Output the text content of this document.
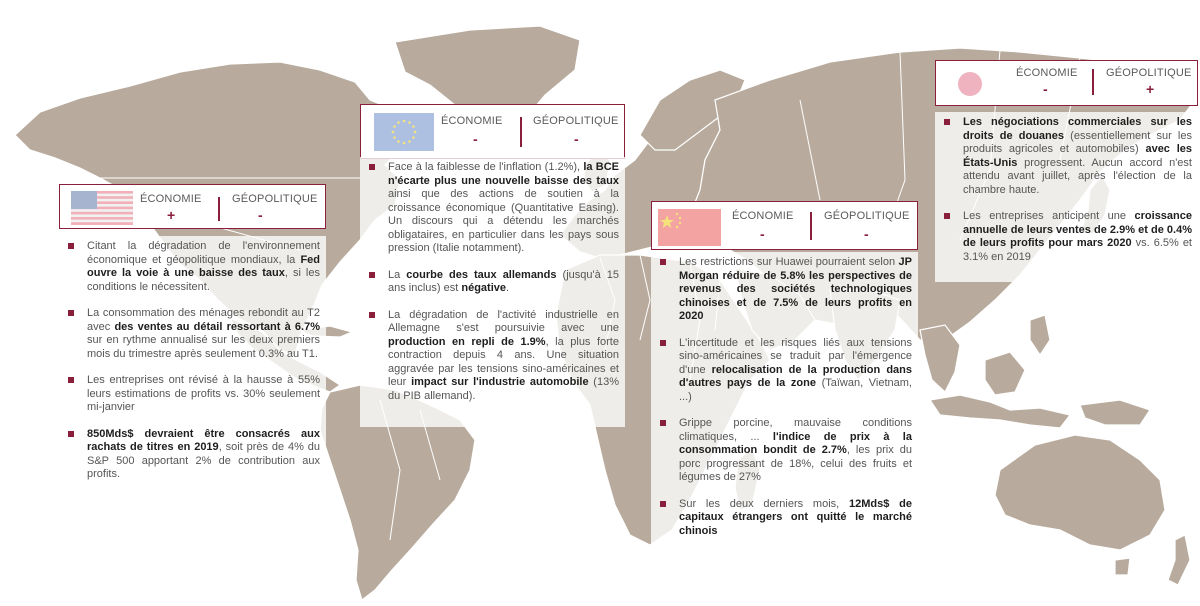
ÉCONOMIE
+
GÉOPOLITIQUE
-
Citant la dégradation de l'environnement économique et géopolitique mondiaux, la Fed ouvre la voie à une baisse des taux, si les conditions le nécessitent.
La consommation des ménages rebondit au T2 avec des ventes au détail ressortant à 6.7% sur en rythme annualisé sur les deux premiers mois du trimestre après seulement 0.3% au T1.
Les entreprises ont révisé à la hausse à 55% leurs estimations de profits vs. 30% seulement mi-janvier
850Mds$ devraient être consacrés aux rachats de titres en 2019, soit près de 4% du S&P 500 apportant 2% de contribution aux profits.
ÉCONOMIE
-
GÉOPOLITIQUE
-
Face à la faiblesse de l'inflation (1.2%), la BCE n'écarte plus une nouvelle baisse des taux ainsi que des actions de soutien à la croissance économique (Quantitative Easing). Un discours qui a détendu les marchés obligataires, en particulier dans les pays sous pression (Italie notamment).
La courbe des taux allemands (jusqu'à 15 ans inclus) est négative.
La dégradation de l'activité industrielle en Allemagne s'est poursuivie avec une production en repli de 1.9%, la plus forte contraction depuis 4 ans. Une situation aggravée par les tensions sino-américaines et leur impact sur l'industrie automobile (13% du PIB allemand).
ÉCONOMIE
-
GÉOPOLITIQUE
-
Les restrictions sur Huawei pourraient selon JP Morgan réduire de 5.8% les perspectives de revenus des sociétés technologiques chinoises et de 7.5% de leurs profits en 2020
L'incertitude et les risques liés aux tensions sino-américaines se traduit par l'émergence d'une relocalisation de la production dans d'autres pays de la zone (Taïwan, Vietnam, ...)
Grippe porcine, mauvaise conditions climatiques, ... l'indice de prix à la consommation bondit de 2.7%, les prix du porc progressant de 18%, celui des fruits et légumes de 27%
Sur les deux derniers mois, 12Mds$ de capitaux étrangers ont quitté le marché chinois
ÉCONOMIE
-
GÉOPOLITIQUE
+
Les négociations commerciales sur les droits de douanes (essentiellement sur les produits agricoles et automobiles) avec les États-Unis progressent. Aucun accord n'est attendu avant juillet, après l'élection de la chambre haute.
Les entreprises anticipent une croissance annuelle de leurs ventes de 2.9% et de 0.4% de leurs profits pour mars 2020 vs. 6.5% et 3.1% en 2019
